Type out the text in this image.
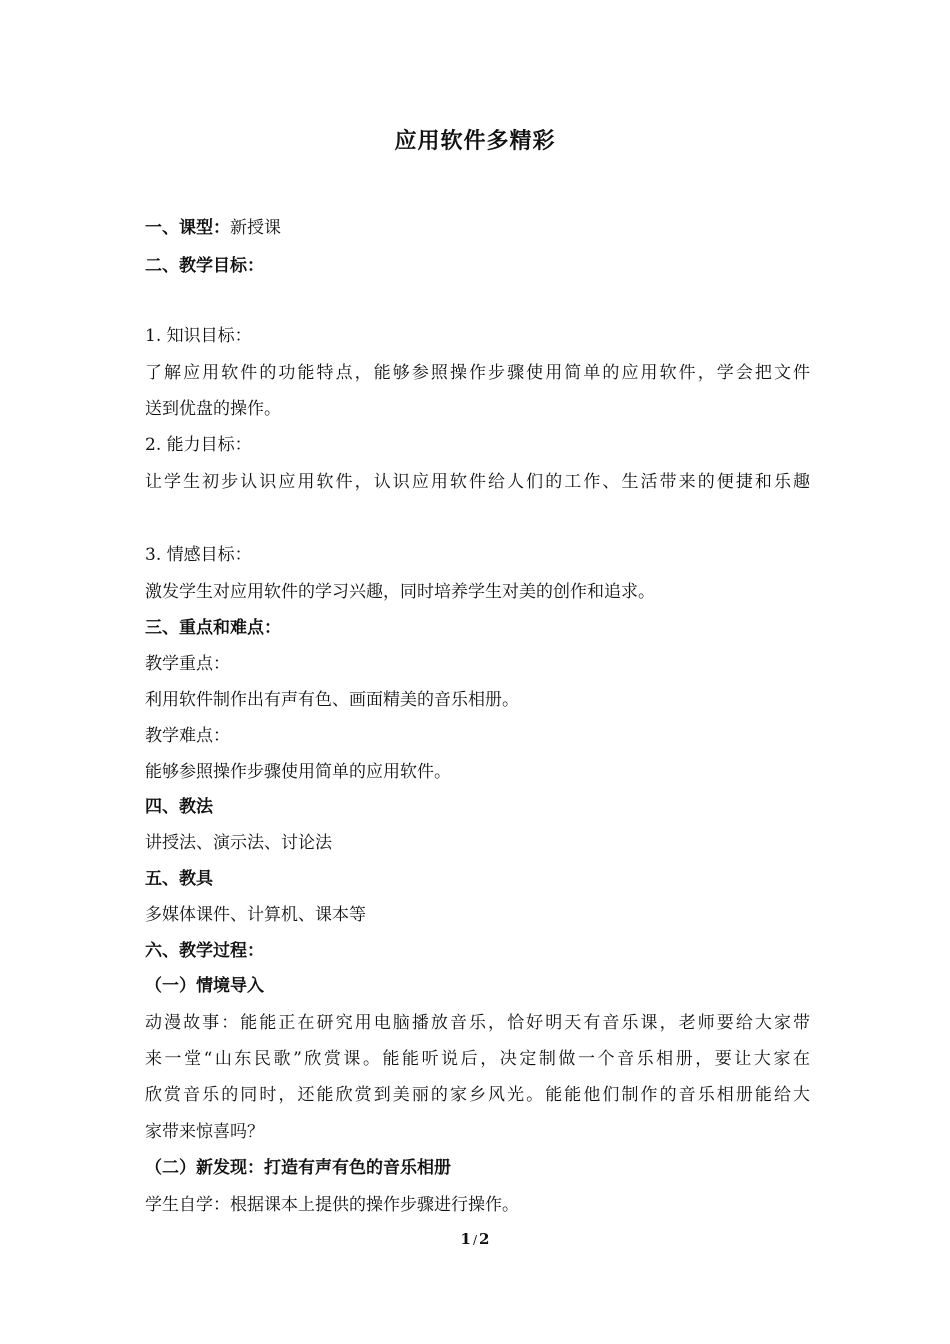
应用软件多精彩
一、课型：新授课
二、教学目标：
1. 知识目标：
了解应用软件的功能特点，能够参照操作步骤使用简单的应用软件，学会把文件
送到优盘的操作。
2. 能力目标：
让学生初步认识应用软件，认识应用软件给人们的工作、生活带来的便捷和乐趣
3. 情感目标：
激发学生对应用软件的学习兴趣，同时培养学生对美的创作和追求。
三、重点和难点：
教学重点：
利用软件制作出有声有色、画面精美的音乐相册。
教学难点：
能够参照操作步骤使用简单的应用软件。
四、教法
讲授法、演示法、讨论法
五、教具
多媒体课件、计算机、课本等
六、教学过程：
（一）情境导入
动漫故事：能能正在研究用电脑播放音乐，恰好明天有音乐课，老师要给大家带
来一堂“山东民歌”欣赏课。能能听说后，决定制做一个音乐相册，要让大家在
欣赏音乐的同时，还能欣赏到美丽的家乡风光。能能他们制作的音乐相册能给大
家带来惊喜吗？
（二）新发现：打造有声有色的音乐相册
学生自学：根据课本上提供的操作步骤进行操作。
1 / 2
